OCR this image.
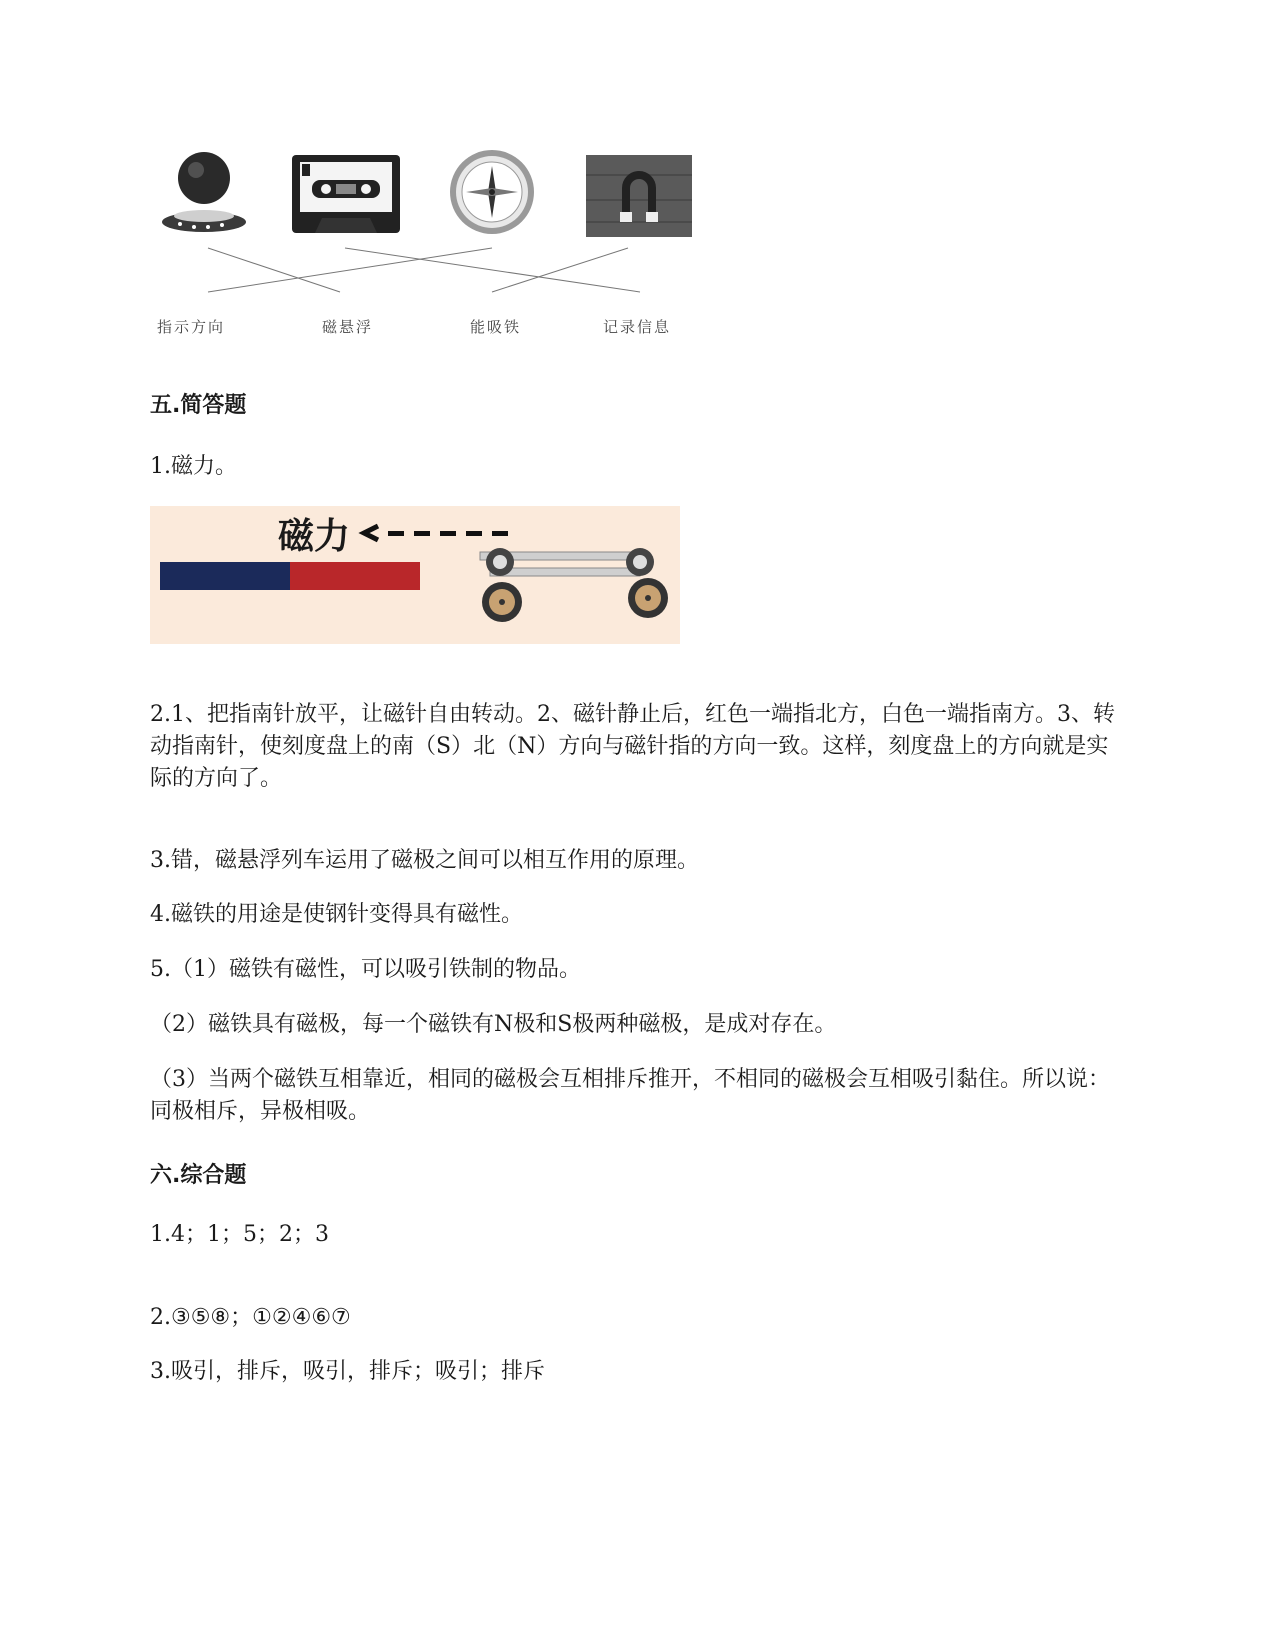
指示方向	磁悬浮	能吸铁	记录信息
五.简答题
1.磁力。
磁力
2.1、把指南针放平，让磁针自由转动。2、磁针静止后，红色一端指北方，白色一端指南方。3、转动指南针，使刻度盘上的南（S）北（N）方向与磁针指的方向一致。这样，刻度盘上的方向就是实际的方向了。
3.错，磁悬浮列车运用了磁极之间可以相互作用的原理。
4.磁铁的用途是使钢针变得具有磁性。
5.（1）磁铁有磁性，可以吸引铁制的物品。
（2）磁铁具有磁极，每一个磁铁有N极和S极两种磁极，是成对存在。
（3）当两个磁铁互相靠近，相同的磁极会互相排斥推开，不相同的磁极会互相吸引黏住。所以说：同极相斥，异极相吸。
六.综合题
1.4；1；5；2；3
2.③⑤⑧；①②④⑥⑦
3.吸引，排斥，吸引，排斥；吸引；排斥
